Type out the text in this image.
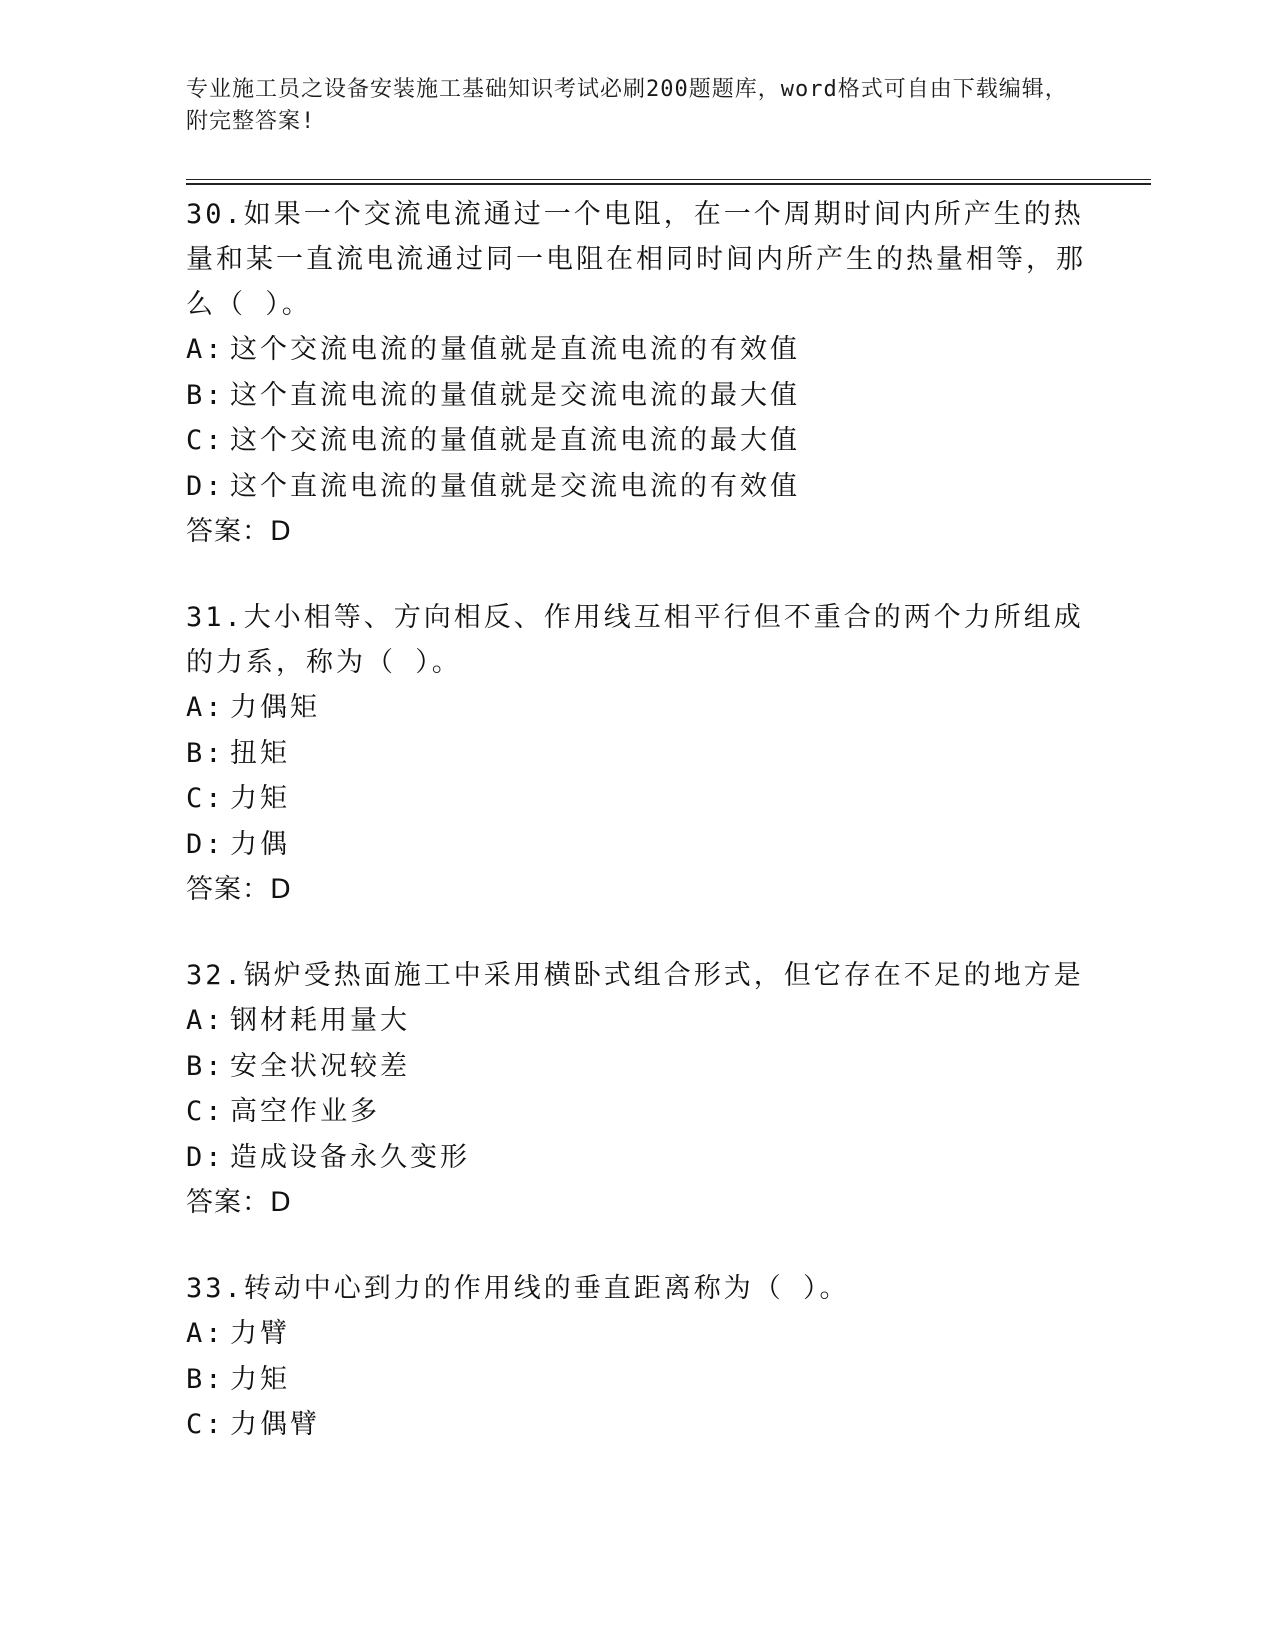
专业施工员之设备安装施工基础知识考试必刷200题题库，word格式可自由下载编辑，附完整答案!

30.如果一个交流电流通过一个电阻，在一个周期时间内所产生的热量和某一直流电流通过同一电阻在相同时间内所产生的热量相等，那么（ ）。

A: 这个交流电流的量值就是直流电流的有效值

B: 这个直流电流的量值就是交流电流的最大值

C: 这个交流电流的量值就是直流电流的最大值

D: 这个直流电流的量值就是交流电流的有效值

答案：D

31.大小相等、方向相反、作用线互相平行但不重合的两个力所组成的力系，称为（ ）。

A: 力偶矩

B: 扭矩

C: 力矩

D: 力偶

答案：D

32.锅炉受热面施工中采用横卧式组合形式，但它存在不足的地方是

A: 钢材耗用量大

B: 安全状况较差

C: 高空作业多

D: 造成设备永久变形

答案：D

33.转动中心到力的作用线的垂直距离称为（ ）。

A: 力臂

B: 力矩

C: 力偶臂
